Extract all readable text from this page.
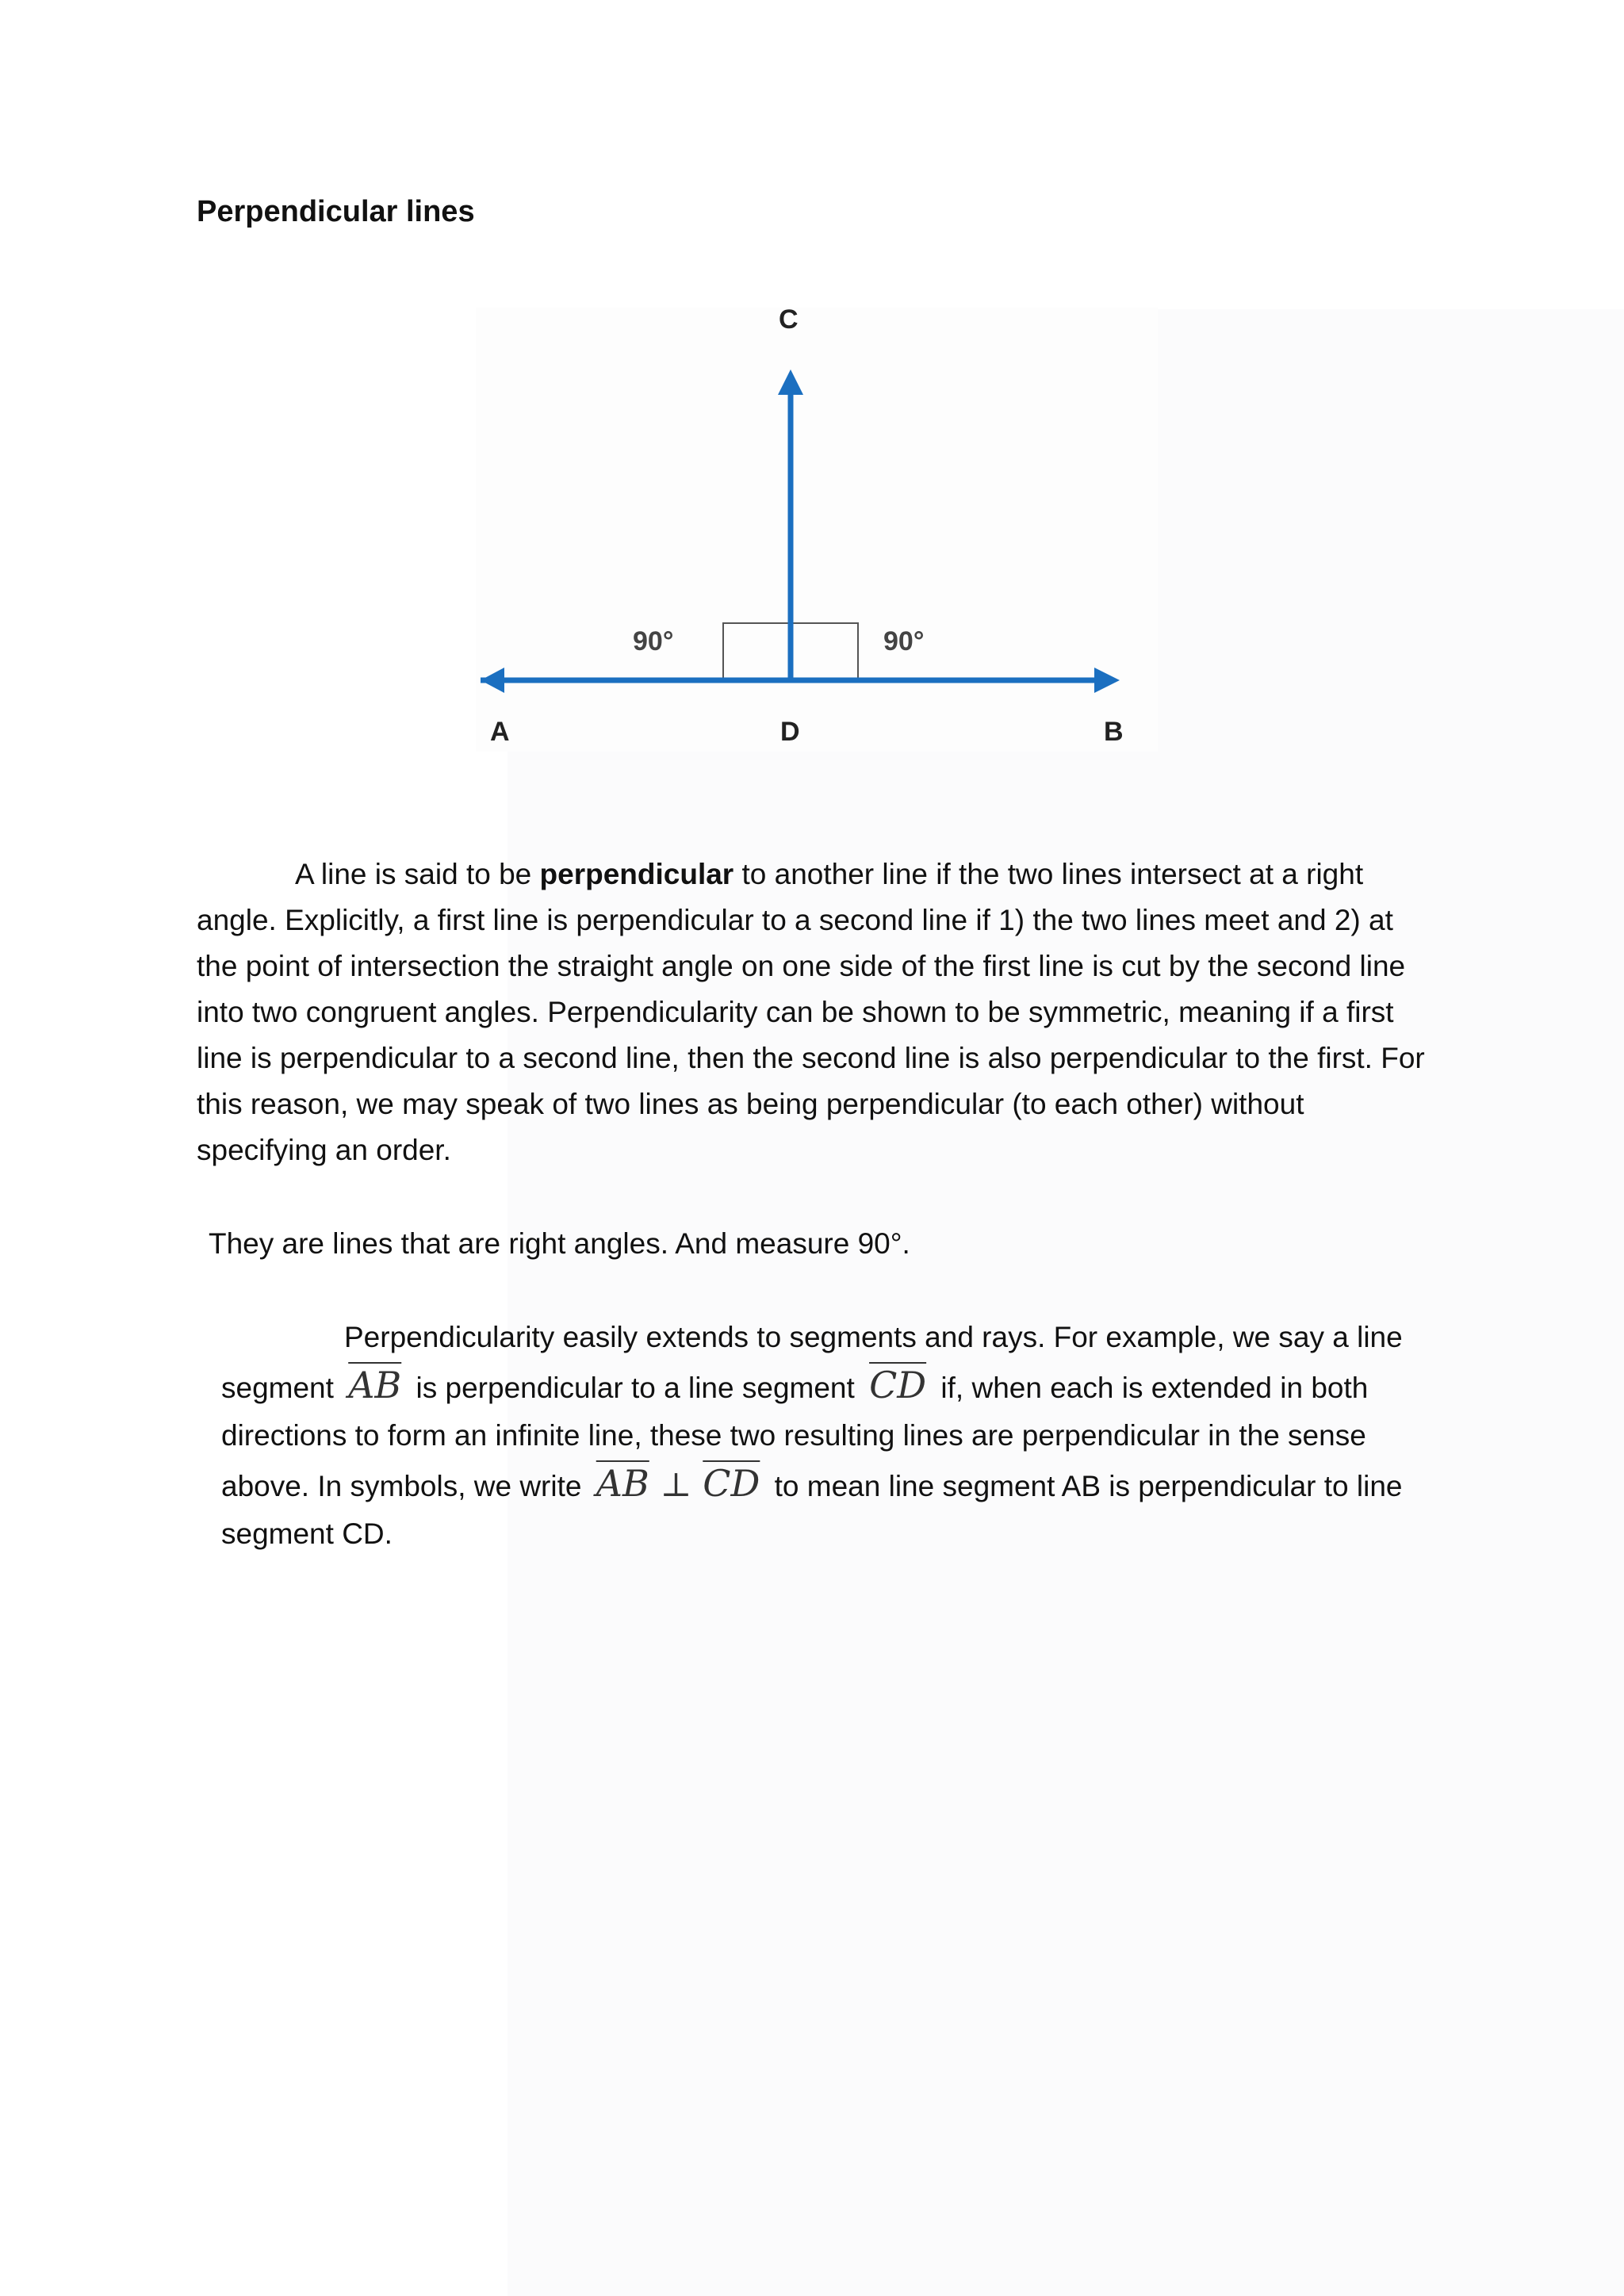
Perpendicular lines
C
90°	90°
A	D	B

A line is said to be perpendicular to another line if the two lines intersect at a right angle. Explicitly, a first line is perpendicular to a second line if 1) the two lines meet and 2) at the point of intersection the straight angle on one side of the first line is cut by the second line into two congruent angles. Perpendicularity can be shown to be symmetric, meaning if a first line is perpendicular to a second line, then the second line is also perpendicular to the first. For this reason, we may speak of two lines as being perpendicular (to each other) without specifying an order.

They are lines that are right angles. And measure 90°.

Perpendicularity easily extends to segments and rays. For example, we say a line segment $\overline{AB}$ is perpendicular to a line segment $\overline{CD}$ if, when each is extended in both directions to form an infinite line, these two resulting lines are perpendicular in the sense above. In symbols, we write $\overline{AB}$ ⊥ $\overline{CD}$ to mean line segment AB is perpendicular to line segment CD.
